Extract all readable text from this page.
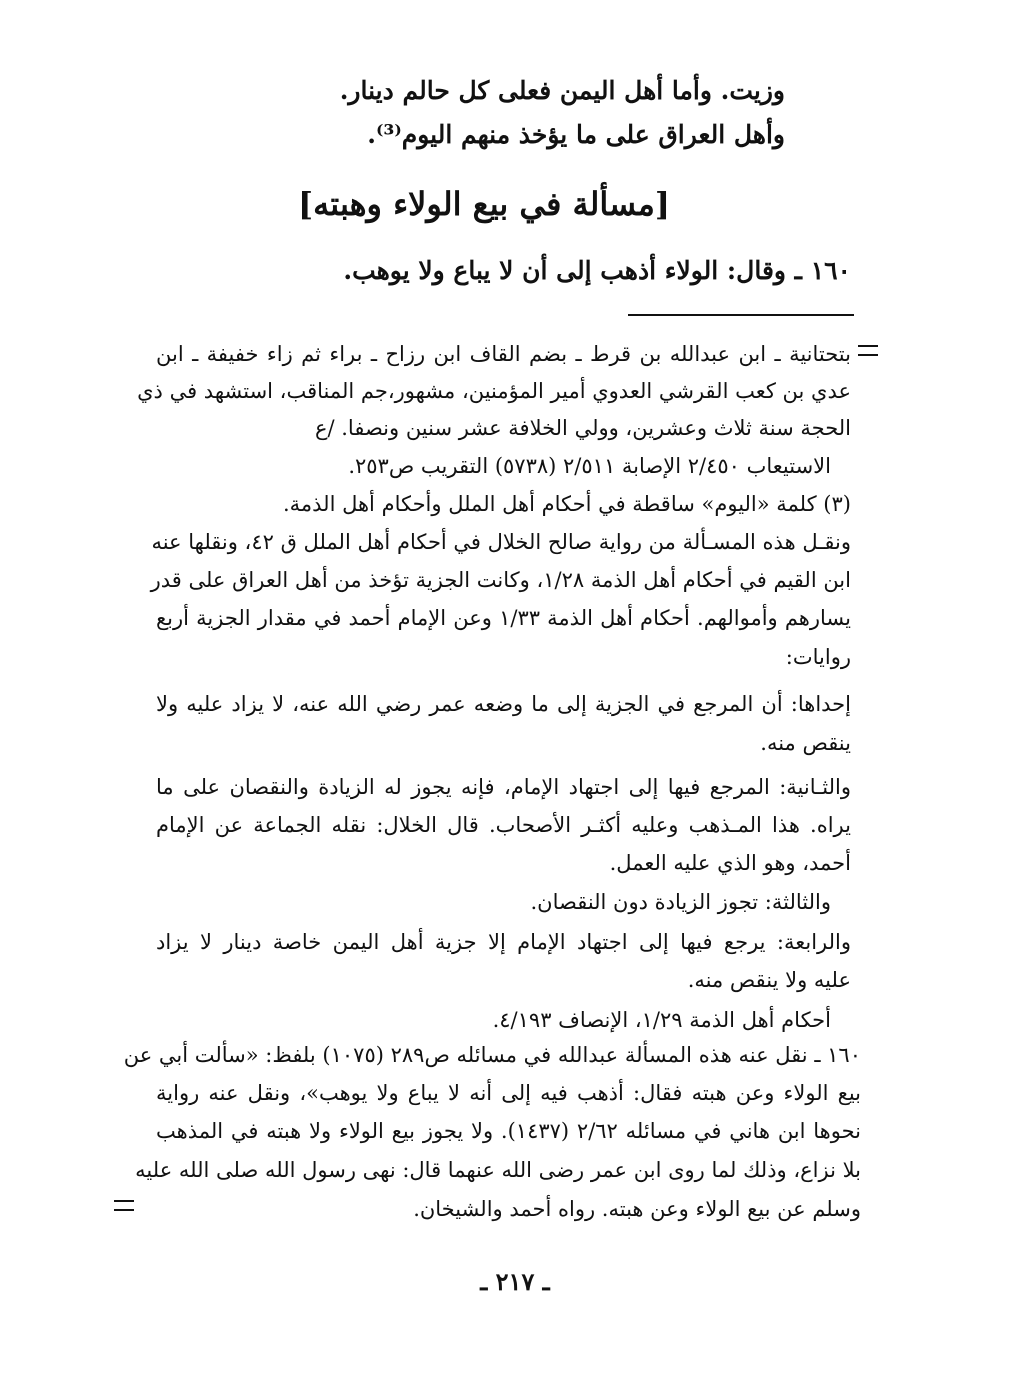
وزيت. وأما أهل اليمن فعلى كل حالم دينار.
وأهل العراق على ما يؤخذ منهم اليوم⁽³⁾.
[مسألة في بيع الولاء وهبته]
١٦٠ ـ وقال: الولاء أذهب إلى أن لا يباع ولا يوهب.
بتحتانية ـ ابن عبدالله بن قرط ـ بضم القاف ابن رزاح ـ براء ثم زاء خفيفة ـ ابن
عدي بن كعب القرشي العدوي أمير المؤمنين، مشهور،جم المناقب، استشهد في ذي
الحجة سنة ثلاث وعشرين، وولي الخلافة عشر سنين ونصفا. /ع
الاستيعاب ٢/٤٥٠ الإصابة ٢/٥١١ (٥٧٣٨) التقريب ص٢٥٣.
(٣) كلمة «اليوم» ساقطة في أحكام أهل الملل وأحكام أهل الذمة.
ونقـل هذه المسـألة من رواية صالح الخلال في أحكام أهل الملل ق ٤٢، ونقلها عنه
ابن القيم في أحكام أهل الذمة ١/٢٨، وكانت الجزية تؤخذ من أهل العراق على قدر
يسارهم وأموالهم. أحكام أهل الذمة ١/٣٣ وعن الإمام أحمد في مقدار الجزية أربع
روايات:
إحداها: أن المرجع في الجزية إلى ما وضعه عمر رضي الله عنه، لا يزاد عليه ولا
ينقص منه.
والثـانية: المرجع فيها إلى اجتهاد الإمام، فإنه يجوز له الزيادة والنقصان على ما
يراه. هذا المـذهب وعليه أكثـر الأصحاب. قال الخلال: نقله الجماعة عن الإمام
أحمد، وهو الذي عليه العمل.
والثالثة: تجوز الزيادة دون النقصان.
والرابعة: يرجع فيها إلى اجتهاد الإمام إلا جزية أهل اليمن خاصة دينار لا يزاد
عليه ولا ينقص منه.
أحكام أهل الذمة ١/٢٩، الإنصاف ٤/١٩٣.
١٦٠ ـ نقل عنه هذه المسألة عبدالله في مسائله ص٢٨٩ (١٠٧٥) بلفظ: «سألت أبي عن
بيع الولاء وعن هبته فقال: أذهب فيه إلى أنه لا يباع ولا يوهب»، ونقل عنه رواية
نحوها ابن هاني في مسائله ٢/٦٢ (١٤٣٧). ولا يجوز بيع الولاء ولا هبته في المذهب
بلا نزاع، وذلك لما روى ابن عمر رضى الله عنهما قال: نهى رسول الله صلى الله عليه
وسلم عن بيع الولاء وعن هبته. رواه أحمد والشيخان.
ـ ٢١٧ ـ
